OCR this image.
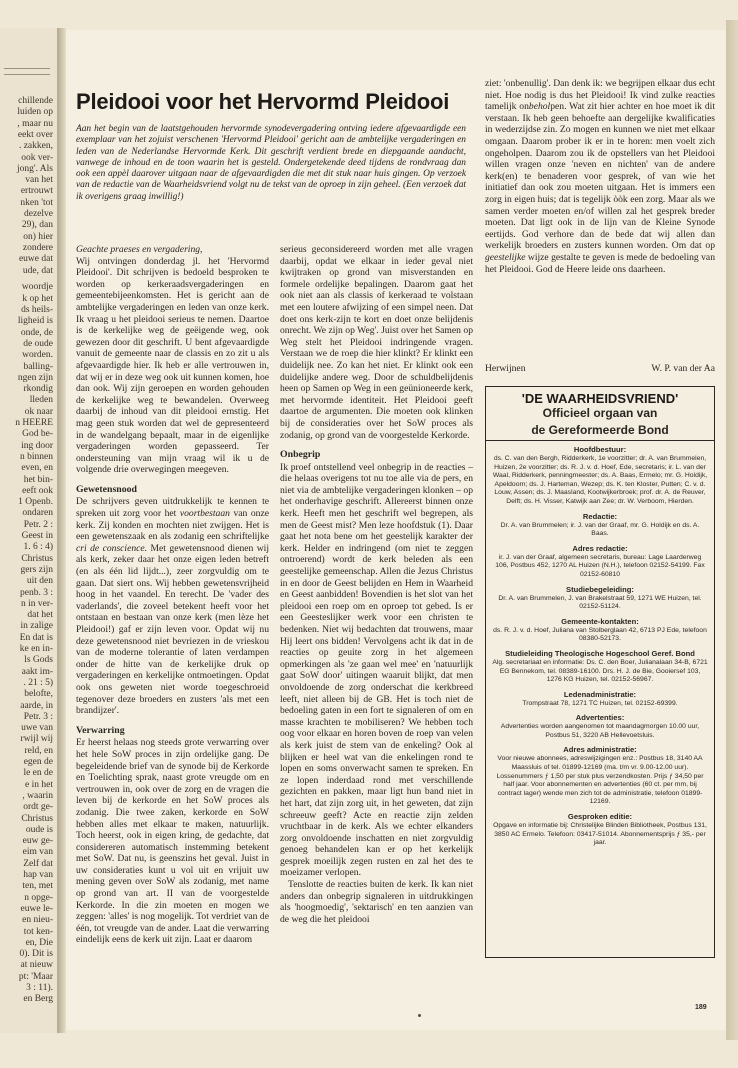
chillende
luiden op
, maar nu
eekt over
. zakken,
ook ver-
jong'. Als
van het
ertrouwt
nken 'tot
dezelve
29), dan
on) hier
zondere
euwe dat
ude, dat
woordje
k op het
ds heils-
ligheid is
onde, de
de oude
worden.
balling-
ngen zijn
rkondig
lleden
ok naar
n HEERE
God be-
ing door
n binnen
even, en
het bin-
eeft ook
1 Openb.
ondaren
Petr. 2 :
Geest in
1. 6 : 4)
Christus
gers zijn
uit den
penb. 3 :
n in ver-
dat het
in zalige
En dat is
ke en in-
ls Gods
aakt im-
. 21 : 5)
belofte,
aarde, in
Petr. 3 :
uwe van
rwijl wij
reld, en
egen de
le en de
e in het
, waarin
ordt ge-
Christus
oude is
euw ge-
eim van
Zelf dat
hap van
ten, met
n opge-
euwe le-
en nieu-
tot ken-
en, Die
0). Dit is
at nieuw
pt: 'Maar
3 : 11).
en Berg
Pleidooi voor het Hervormd Pleidooi
Aan het begin van de laatstgehouden hervormde synodevergadering ontving iedere afgevaardigde een exemplaar van het zojuist verschenen 'Hervormd Pleidooi' gericht aan de ambtelijke vergaderingen en leden van de Nederlandse Hervormde Kerk. Dit geschrift verdient brede en diepgaande aandacht, vanwege de inhoud en de toon waarin het is gesteld. Ondergetekende deed tijdens de rondvraag dan ook een appèl daarover uitgaan naar de afgevaardigden die met dit stuk naar huis gingen. Op verzoek van de redactie van de Waarheidsvriend volgt nu de tekst van de oproep in zijn geheel. (Een verzoek dat ik overigens graag inwillig!)

Geachte praeses en vergadering,

Wij ontvingen donderdag jl. het 'Hervormd Pleidooi'. Dit schrijven is bedoeld besproken te worden op kerkeraadsvergaderingen en gemeentebijeenkomsten. Het is gericht aan de ambtelijke vergaderingen en leden van onze kerk. Ik vraag u het pleidooi serieus te nemen. Daartoe is de kerkelijke weg de geëigende weg, ook gewezen door dit geschrift. U bent afgevaardigde vanuit de gemeente naar de classis en zo zit u als afgevaardigde hier. Ik heb er alle vertrouwen in, dat wij er in deze weg ook uit kunnen komen, hoe dan ook. Wij zijn geroepen en worden gehouden de kerkelijke weg te bewandelen. Overweeg daarbij de inhoud van dit pleidooi ernstig. Het mag geen stuk worden dat wel de gepresenteerd in de wandelgang bepaalt, maar in de eigenlijke vergaderingen worden gepasseerd. Ter ondersteuning van mijn vraag wil ik u de volgende drie overwegingen meegeven.

Gewetensnood

De schrijvers geven uitdrukkelijk te kennen te spreken uit zorg voor het voortbestaan van onze kerk. Zij konden en mochten niet zwijgen. Het is een gewetenszaak en als zodanig een schriftelijke cri de conscience. Met gewetensnood dienen wij als kerk, zeker daar het onze eigen leden betreft (en als één lid lijdt...), zeer zorgvuldig om te gaan. Dat siert ons. Wij hebben gewetensvrijheid hoog in het vaandel. En terecht. De 'vader des vaderlands', die zoveel betekent heeft voor het ontstaan en bestaan van onze kerk (men lèze het Pleidooi!) gaf er zijn leven voor. Opdat wij nu deze gewetensnood niet bevriezen in de vrieskou van de moderne tolerantie of laten verdampen onder de hitte van de kerkelijke druk op vergaderingen en kerkelijke ontmoetingen. Opdat ook ons geweten niet worde toegeschroeid tegenover deze broeders en zusters 'als met een brandijzer'.

Verwarring

Er heerst helaas nog steeds grote verwarring over het hele SoW proces in zijn ordelijke gang. De begeleidende brief van de synode bij de Kerkorde en Toelichting sprak, naast grote vreugde om en vertrouwen in, ook over de zorg en de vragen die leven bij de kerkorde en het SoW proces als zodanig. Die twee zaken, kerkorde en SoW hebben alles met elkaar te maken, natuurlijk. Toch heerst, ook in eigen kring, de gedachte, dat considereren automatisch instemming betekent met SoW. Dat nu, is geenszins het geval. Juist in uw consideraties kunt u vol uit en vrijuit uw mening geven over SoW als zodanig, met name op grond van art. II van de voorgestelde Kerkorde. In die zin moeten en mogen we zeggen: 'alles' is nog mogelijk. Tot verdriet van de één, tot vreugde van de ander. Laat die verwarring eindelijk eens de kerk uit zijn. Laat er daarom

serieus geconsidereerd worden met alle vragen daarbij, opdat we elkaar in ieder geval niet kwijtraken op grond van misverstanden en formele ordelijke bepalingen. Daarom gaat het ook niet aan als classis of kerkeraad te volstaan met een loutere afwijzing of een simpel neen. Dat doet ons kerk-zijn te kort en doet onze belijdenis onrecht. We zijn op Weg'. Juist over het Samen op Weg stelt het Pleidooi indringende vragen. Verstaan we de roep die hier klinkt? Er klinkt een duidelijk nee. Zo kan het niet. Er klinkt ook een duidelijke andere weg. Door de schuldbelijdenis heen op Samen op Weg in een geünioneerde kerk, met hervormde identiteit. Het Pleidooi geeft daartoe de argumenten. Die moeten ook klinken bij de consideraties over het SoW proces als zodanig, op grond van de voorgestelde Kerkorde.

Onbegrip

Ik proef ontstellend veel onbegrip in de reacties – die helaas overigens tot nu toe alle via de pers, en niet via de ambtelijke vergaderingen klonken – op het onderhavige geschrift. Allereerst binnen onze kerk. Heeft men het geschrift wel begrepen, als men de Geest mist? Men leze hoofdstuk (1). Daar gaat het nota bene om het geestelijk karakter der kerk. Helder en indringend (om niet te zeggen ontroerend) wordt de kerk beleden als een geestelijke gemeenschap. Allen die Jezus Christus in en door de Geest belijden en Hem in Waarheid en Geest aanbidden! Bovendien is het slot van het pleidooi een roep om en oproep tot gebed. Is er een Geesteslijker werk voor een christen te bedenken. Niet wij bedachten dat trouwens, maar Hij leert ons bidden! Vervolgens acht ik dat in de reacties op geuite zorg in het algemeen opmerkingen als 'ze gaan wel mee' en 'natuurlijk gaat SoW door' uitingen waaruit blijkt, dat men onvoldoende de zorg onderschat die kerkbreed leeft, niet alleen bij de GB. Het is toch niet de bedoeling gaten in een fort te signaleren of om en masse krachten te mobiliseren? We hebben toch oog voor elkaar en horen boven de roep van velen als kerk juist de stem van de enkeling? Ook al blijken er heel wat van die enkelingen rond te lopen en soms onverwacht samen te spreken. En ze lopen inderdaad rond met verschillende gezichten en pakken, maar ligt hun band niet in het hart, dat zijn zorg uit, in het geweten, dat zijn schreeuw geeft? Acte en reactie zijn zelden vruchtbaar in de kerk. Als we echter elkanders zorg onvoldoende inschatten en niet zorgvuldig genoeg behandelen kan er op het kerkelijk gesprek moeilijk zegen rusten en zal het des te moeizamer verlopen.

Tenslotte de reacties buiten de kerk. Ik kan niet anders dan onbegrip signaleren in uitdrukkingen als 'hoogmoedig', 'sektarisch' en ten aanzien van de weg die het pleidooi

ziet: 'onbenullig'. Dan denk ik: we begrijpen elkaar dus echt niet. Hoe nodig is dus het Pleidooi! Ik vind zulke reacties tamelijk onbeholpen. Wat zit hier achter en hoe moet ik dit verstaan. Ik heb geen behoefte aan dergelijke kwalificaties in wederzijdse zin. Zo mogen en kunnen we niet met elkaar omgaan. Daarom prober ik er in te horen: men voelt zich ongeholpen. Daarom zou ik de opstellers van het Pleidooi willen vragen onze 'neven en nichten' van de andere kerk(en) te benaderen voor gesprek, of van wie het initiatief dan ook zou moeten uitgaan. Het is immers een zorg in eigen huis; dat is tegelijk òòk een zorg. Maar als we samen verder moeten en/of willen zal het gesprek breder moeten. Dat ligt ook in de lijn van de Kleine Synode eertijds. God verhore dan de bede dat wij allen dan werkelijk broeders en zusters kunnen worden. Om dat op geestelijke wijze gestalte te geven is mede de bedoeling van het Pleidooi. God de Heere leide ons daarheen.

Herwijnen	W. P. van der Aa
'DE WAARHEIDSVRIEND'
Officieel orgaan van
de Gereformeerde Bond
Hoofdbestuur:
ds. C. van den Bergh, Ridderkerk, 1e voorzitter; dr. A. van Brummelen, Huizen, 2e voorzitter; ds. R. J. v. d. Hoef, Ede, secretaris; ir. L. van der Waal, Ridderkerk, penningmeester; ds. A. Baas, Ermelo; mr. G. Holdijk, Apeldoorn; ds. J. Harteman, Wezep; ds. K. ten Kloster, Putten; C. v. d. Louw, Assen; ds. J. Maasland, Kootwijkerbroek; prof. dr. A. de Reuver, Delft; ds. H. Visser, Katwijk aan Zee; dr. W. Verboom, Hierden.
Redactie:
Dr. A. van Brummelen; ir. J. van der Graaf, mr. G. Holdijk en ds. A. Baas.
Adres redactie:
ir. J. van der Graaf, algemeen secretaris, bureau: Lage Laarderweg 106, Postbus 452, 1270 AL Huizen (N.H.), telefoon 02152-54199. Fax 02152-60810
Studiebegeleiding:
Dr. A. van Brummelen, J. van Brakelstraat 59, 1271 WE Huizen, tel. 02152-51124.
Gemeente-kontakten:
ds. R. J. v. d. Hoef, Juliana van Stolberglaan 42, 6713 PJ Ede, telefoon 08380-52173.
Studieleiding Theologische Hogeschool Geref. Bond
Alg. secretariaat en informatie: Ds. C. den Boer, Julianalaan 34-B, 6721 EG Bennekom, tel. 08389-16100. Drs. H. J. de Bie, Gooiersef 103, 1276 KG Huizen, tel. 02152-56967.
Ledenadministratie:
Trompstraat 78, 1271 TC Huizen, tel. 02152-69399.
Advertenties:
Advertenties worden aangenomen tot maandagmorgen 10.00 uur, Postbus 51, 3220 AB Hellevoetsluis.
Adres administratie:
Voor nieuwe abonnees, adreswijzigingen enz.: Postbus 18, 3140 AA Maassluis of tel. 01899-12169 (ma. t/m vr. 9.00-12.00 uur). Lossenummers ƒ 1,50 per stuk plus verzendkosten. Prijs ƒ 34,50 per half jaar. Voor abonnementen en advertenties (60 ct. per mm, bij contract lager) wende men zich tot de administratie, telefoon 01899-12169.
Gesproken editie:
Opgave en informatie bij: Christelijke Blinden Bibliotheek, Postbus 131, 3850 AC Ermelo. Telefoon: 03417-51014. Abonnementsprijs ƒ 35,- per jaar.
189
